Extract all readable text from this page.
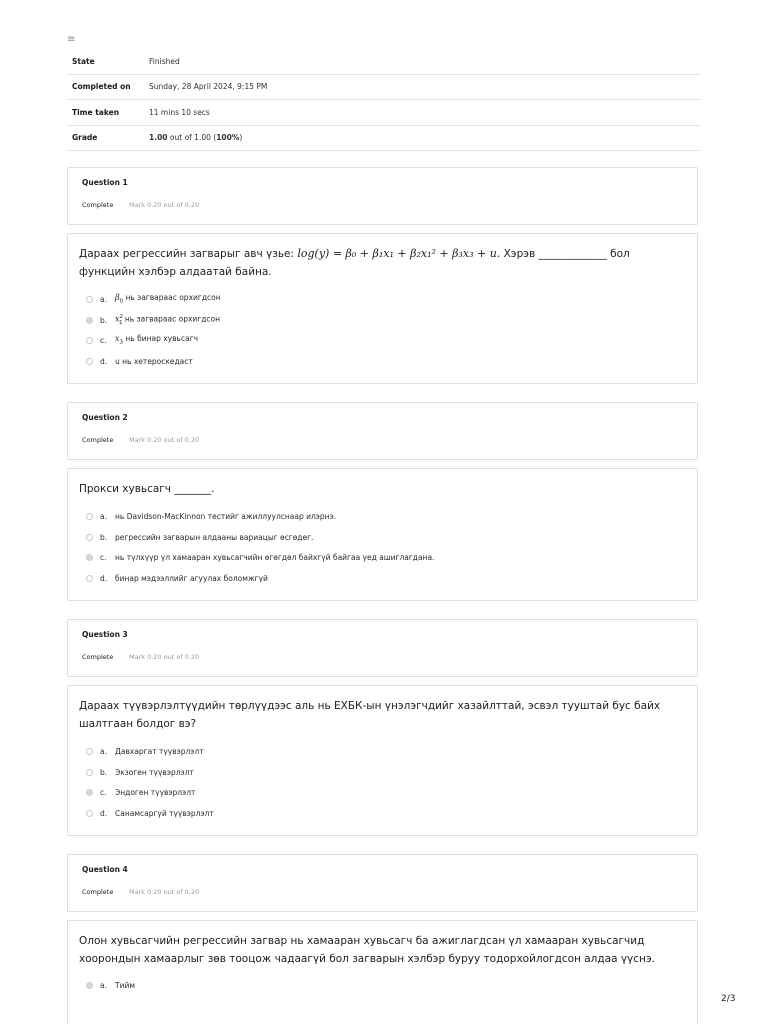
≡
State	Finished
Completed on	Sunday, 28 April 2024, 9:15 PM
Time taken	11 mins 10 secs
Grade	1.00 out of 1.00 (100%)
Question 1
Complete Mark 0.20 out of 0.20
Дараах регрессийн загварыг авч үзье: log(y) = β₀ + β₁x₁ + β₂x₁² + β₃x₃ + u. Хэрэв _____________ бол функцийн хэлбэр алдаатай байна.
a.	$\beta_0$ нь загвараас орхигдсон
b. $x^2_1$ нь загвараас орхигдсон
c.	$x_3$ нь бинар хувьсагч
d.	u нь хетероскедаст
Question 2
Complete Mark 0.20 out of 0.20
Прокси хувьсагч _______.
a.	нь Davidson-MacKinnon тестийг ажиллуулснаар илэрнэ.
b.	регрессийн загварын алдааны вариацыг өсгөдөг.
c.	нь түлхүүр үл хамааран хувьсагчийн өгөгдөл байхгүй байгаа үед ашиглагдана.
d.	бинар мэдээллийг агуулах боломжгүй
Question 3
Complete Mark 0.20 out of 0.20
Дараах түүвэрлэлтүүдийн төрлүүдээс аль нь ЕХБК-ын үнэлэгчдийг хазайлттай, эсвэл тууштай бус байх шалтгаан болдог вэ?
a.	Давхаргат түүвэрлэлт
b.	Экзоген түүвэрлэлт
c.	Эндоген түүвэрлэлт
d.	Санамсаргүй түүвэрлэлт
Question 4
Complete Mark 0.20 out of 0.20
Олон хувьсагчийн регрессийн загвар нь хамааран хувьсагч ба ажиглагдсан үл хамааран хувьсагчид хоорондын хамаарлыг зөв тооцож чадаагүй бол загварын хэлбэр буруу тодорхойлогдсон алдаа үүснэ.
a.	Тийм
2/3
